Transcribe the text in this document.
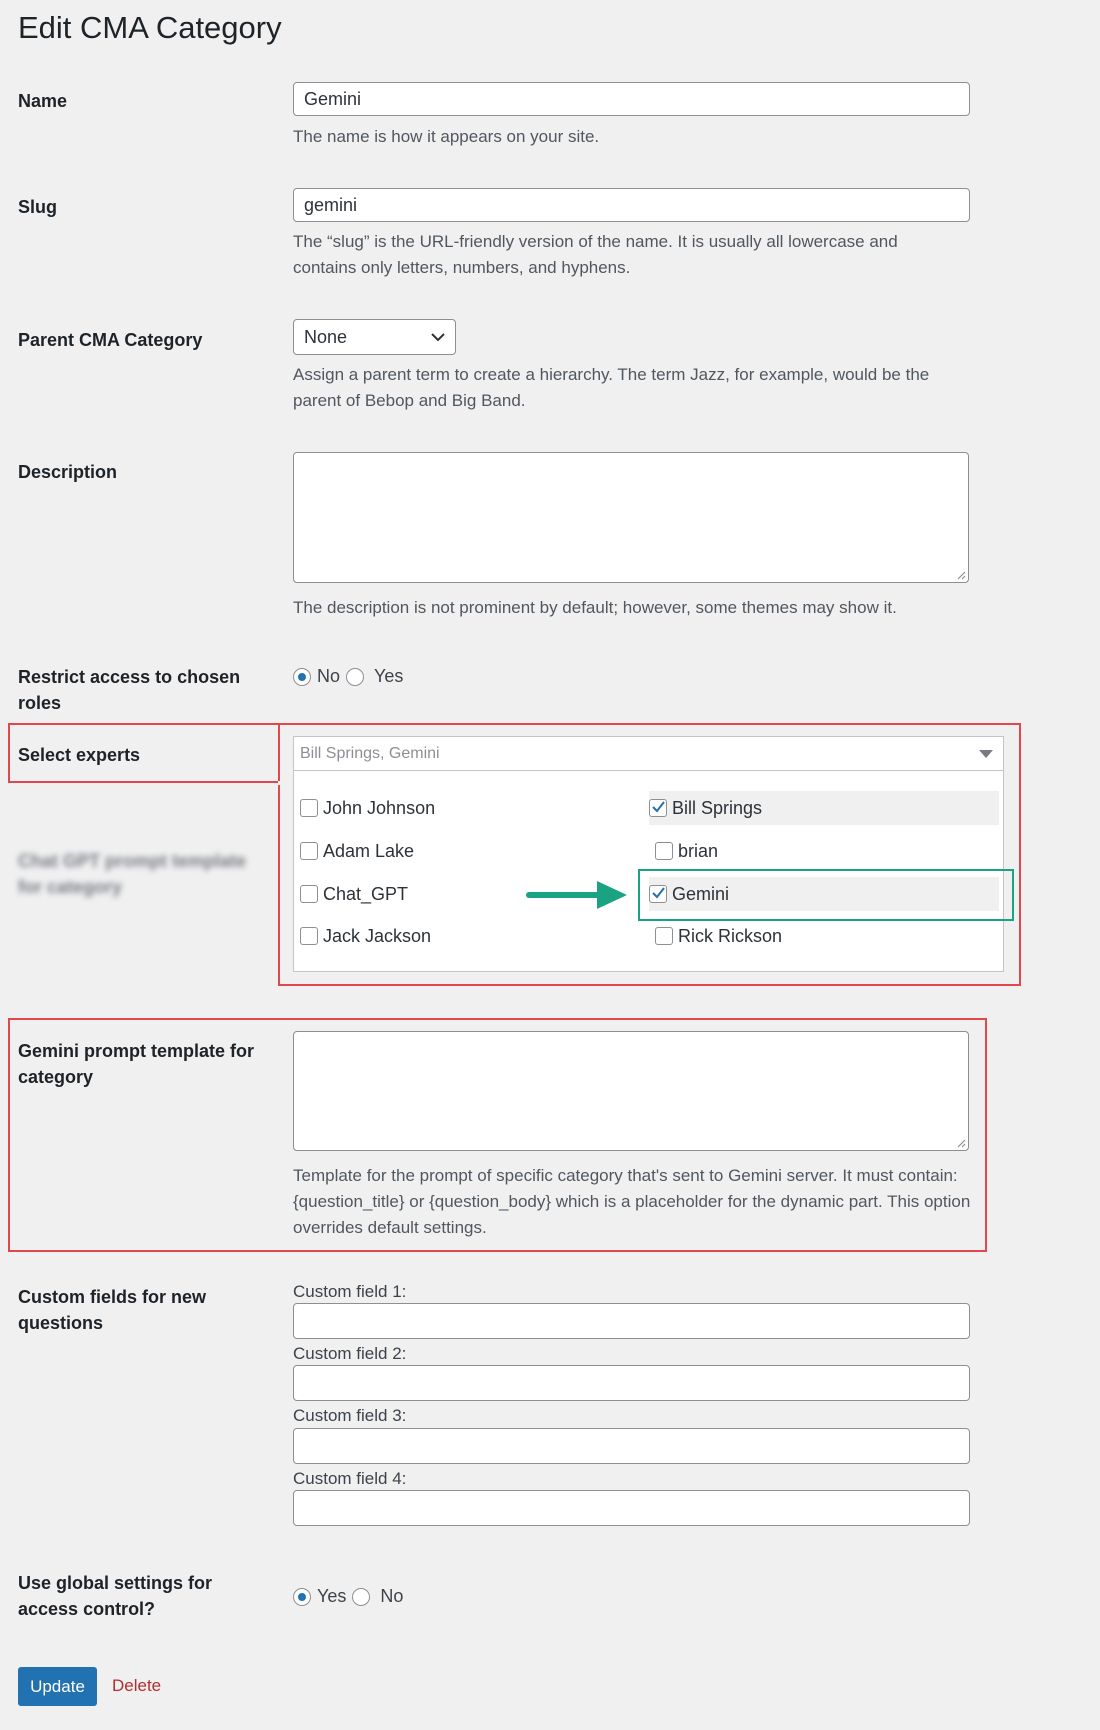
Edit CMA Category
Name
Gemini
The name is how it appears on your site.
Slug
gemini
The “slug” is the URL-friendly version of the name. It is usually all lowercase and contains only letters, numbers, and hyphens.
Parent CMA Category	None
Assign a parent term to create a hierarchy. The term Jazz, for example, would be the parent of Bebop and Big Band.
Description
The description is not prominent by default; however, some themes may show it.
Restrict access to chosen roles
No Yes
Select experts	Bill Springs, Gemini
John Johnson	Bill Springs
Adam Lake	brian
Chat_GPT	Gemini
Jack Jackson	Rick Rickson
Chat GPT prompt template for category
Gemini prompt template for category
Template for the prompt of specific category that's sent to Gemini server. It must contain: {question_title} or {question_body} which is a placeholder for the dynamic part. This option overrides default settings.
Custom fields for new questions
Custom field 1:
Custom field 2:
Custom field 3:
Custom field 4:
Use global settings for access control?
Yes No
Update	Delete
